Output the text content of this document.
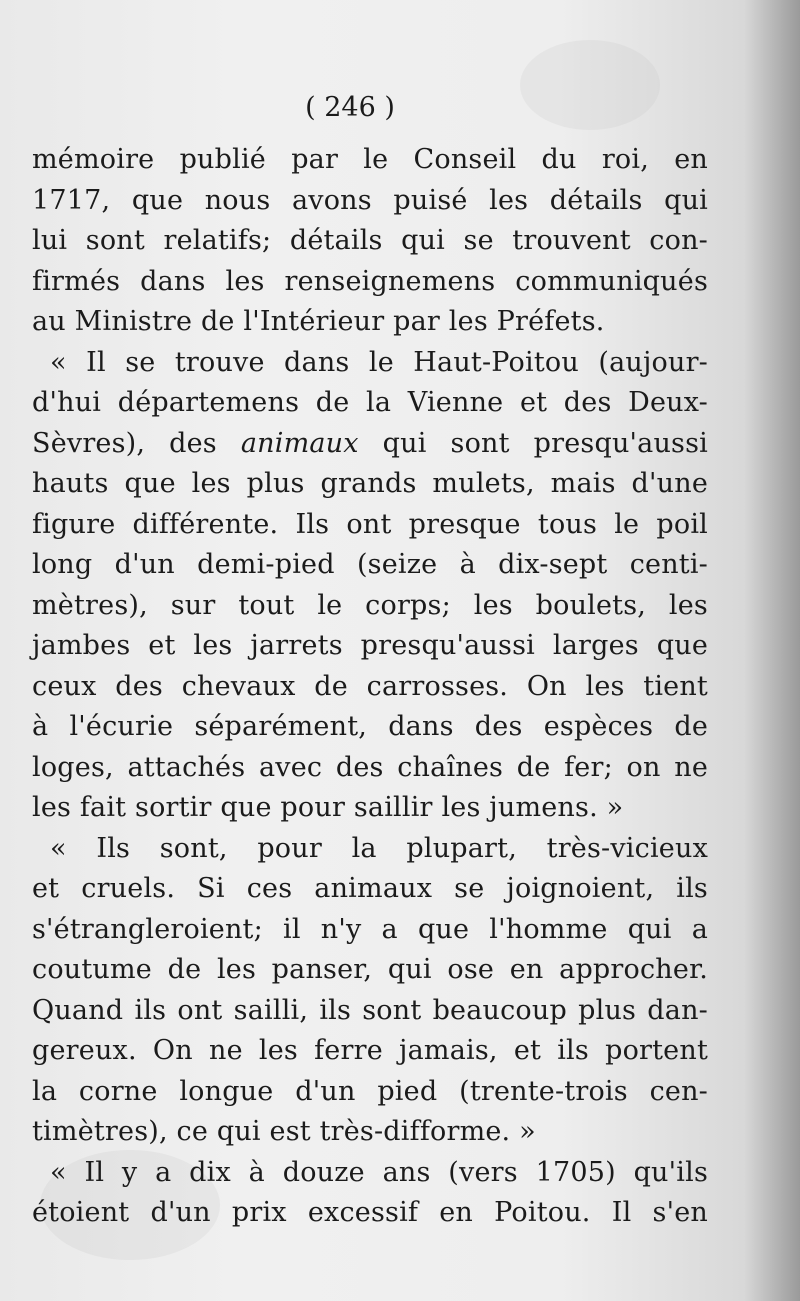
( 246 )
mémoire publié par le Conseil du roi, en
1717, que nous avons puisé les détails qui
lui sont relatifs; détails qui se trouvent con-
firmés dans les renseignemens communiqués
au Ministre de l'Intérieur par les Préfets.
« Il se trouve dans le Haut-Poitou (aujour-
d'hui départemens de la Vienne et des Deux-
Sèvres), des animaux qui sont presqu'aussi
hauts que les plus grands mulets, mais d'une
figure différente. Ils ont presque tous le poil
long d'un demi-pied (seize à dix-sept centi-
mètres), sur tout le corps; les boulets, les
jambes et les jarrets presqu'aussi larges que
ceux des chevaux de carrosses. On les tient
à l'écurie séparément, dans des espèces de
loges, attachés avec des chaînes de fer; on ne
les fait sortir que pour saillir les jumens. »
« Ils sont, pour la plupart, très-vicieux
et cruels. Si ces animaux se joignoient, ils
s'étrangleroient; il n'y a que l'homme qui a
coutume de les panser, qui ose en approcher.
Quand ils ont sailli, ils sont beaucoup plus dan-
gereux. On ne les ferre jamais, et ils portent
la corne longue d'un pied (trente-trois cen-
timètres), ce qui est très-difforme. »
« Il y a dix à douze ans (vers 1705) qu'ils
étoient d'un prix excessif en Poitou. Il s'en
